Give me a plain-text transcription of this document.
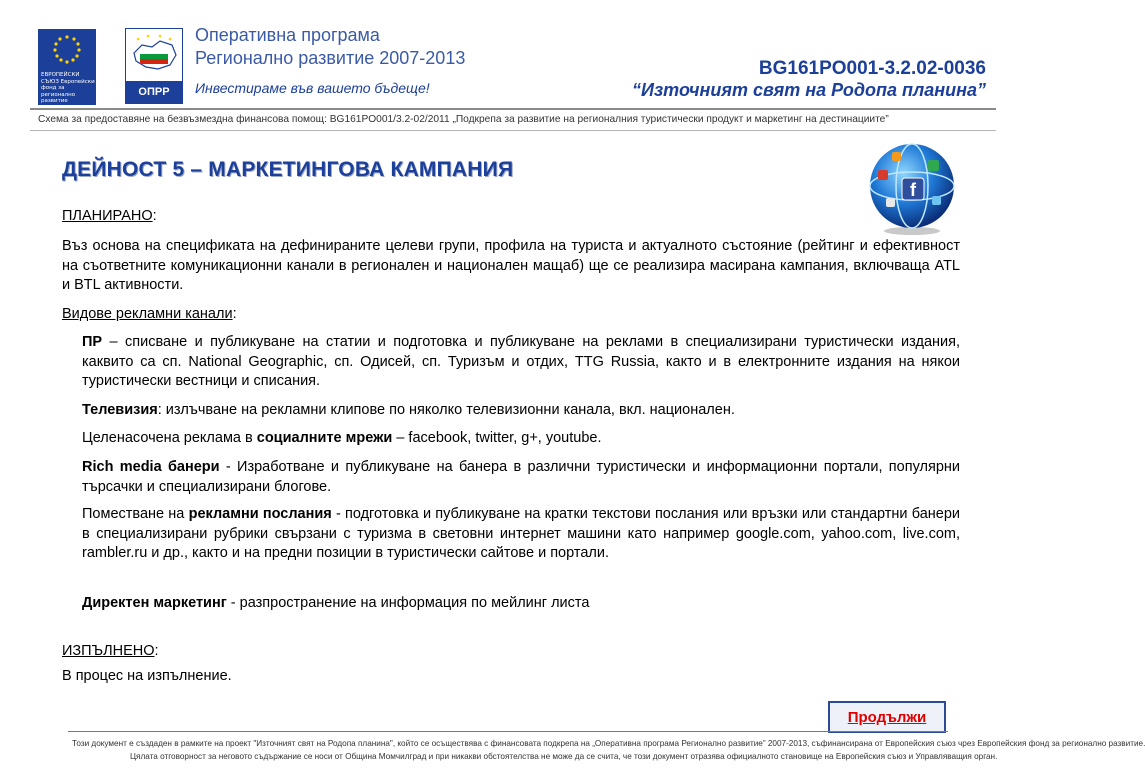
ЕВРОПЕЙСКИ СЪЮЗ Европейски фонд за регионално развитие
ОПРР
Оперативна програма
Регионално развитие 2007-2013
Инвестираме във вашето бъдеще!
BG161PO001-3.2.02-0036
“Източният свят на Родопа планина”
Схема за предоставяне на безвъзмездна финансова помощ: BG161PO001/3.2-02/2011 „Подкрепа за развитие на регионалния туристически продукт и маркетинг на дестинациите”
f
ДЕЙНОСТ 5 – МАРКЕТИНГОВА КАМПАНИЯ
ПЛАНИРАНО:
Въз основа на спецификата на дефинираните целеви групи, профила на туриста и актуалното състояние (рейтинг и ефективност на съответните комуникационни канали в регионален и национален мащаб) ще се реализира масирана кампания, включваща ATL и BTL активности.
Видове рекламни канали:
ПР – списване и публикуване на статии и подготовка и публикуване на реклами в специализирани туристически издания, каквито са сп. National Geographic, сп. Одисей, сп. Туризъм и отдих, TTG Russia, както и в електронните издания на някои туристически вестници и списания.
Телевизия: излъчване на рекламни клипове по няколко телевизионни канала, вкл. национален.
Целенасочена реклама в социалните мрежи – facebook, twitter, g+, youtube.
Rich media банери - Изработване и публикуване на банера в различни туристически и информационни портали, популярни търсачки и специализирани блогове.
Поместване на рекламни послания - подготовка и публикуване на кратки текстови послания или връзки или стандартни банери в специализирани рубрики свързани с туризма в световни интернет машини като например google.com, yahoo.com, live.com, rambler.ru и др., както и на предни позиции в туристически сайтове и портали.
Директен маркетинг - разпространение на информация по мейлинг листа
ИЗПЪЛНЕНО:
В процес на изпълнение.
Продължи
Този документ е създаден в рамките на проект "Източният свят на Родопа планина", който се осъществява с финансовата подкрепа на „Оперативна програма Регионално развитие” 2007-2013, съфинансирана от Европейския съюз чрез Европейския фонд за регионално развитие.
Цялата отговорност за неговото съдържание се носи от Община Момчилград и при никакви обстоятелства не може да се счита, че този документ отразява официалното становище на Европейския съюз и Управляващия орган.
